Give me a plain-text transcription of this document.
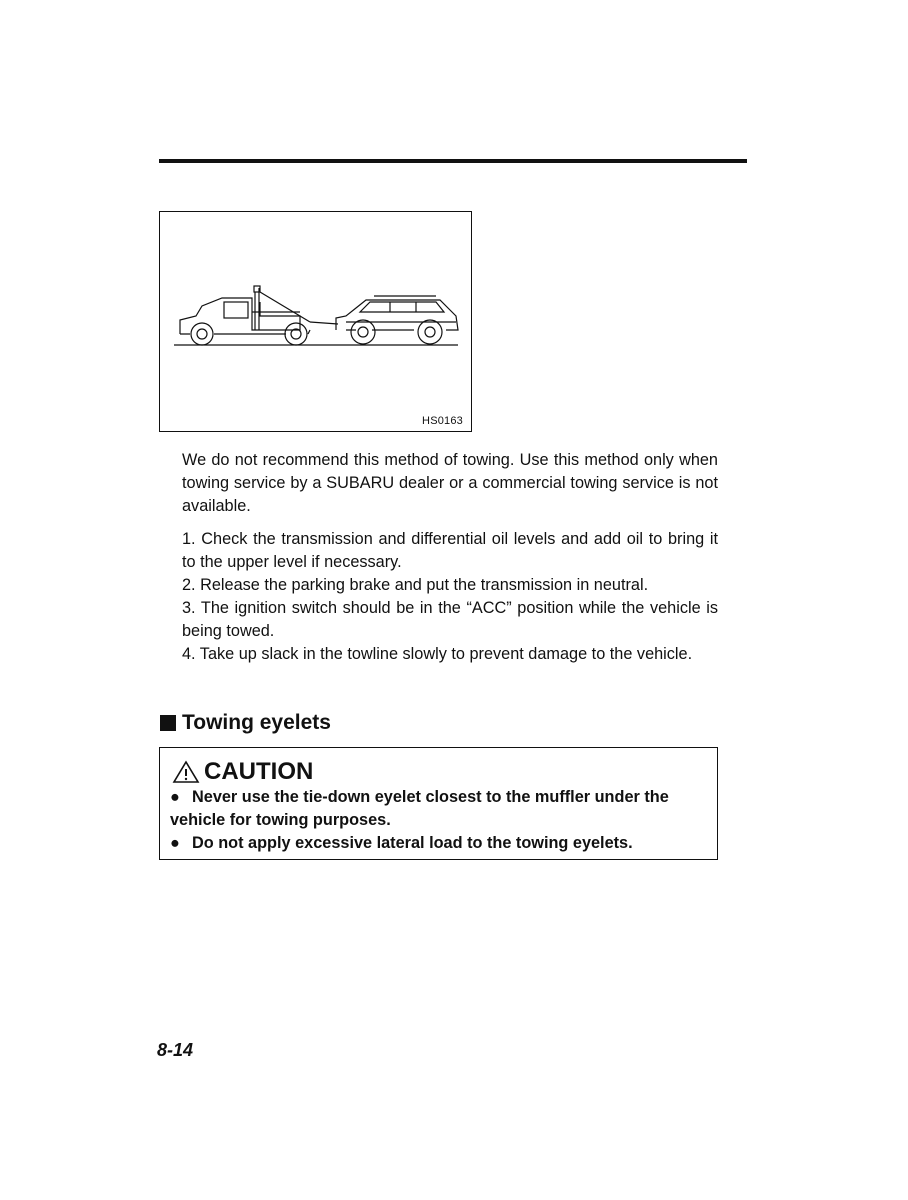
HS0163

We do not recommend this method of towing. Use this method only when towing service by a SUBARU dealer or a commercial towing service is not available.

1. Check the transmission and differential oil levels and add oil to bring it to the upper level if necessary.

2. Release the parking brake and put the transmission in neutral.

3. The ignition switch should be in the “ACC” position while the vehicle is being towed.

4. Take up slack in the towline slowly to prevent damage to the vehicle.

Towing eyelets
CAUTION
● Never use the tie-down eyelet closest to the muffler under the vehicle for towing purposes.
● Do not apply excessive lateral load to the towing eyelets.
8-14
